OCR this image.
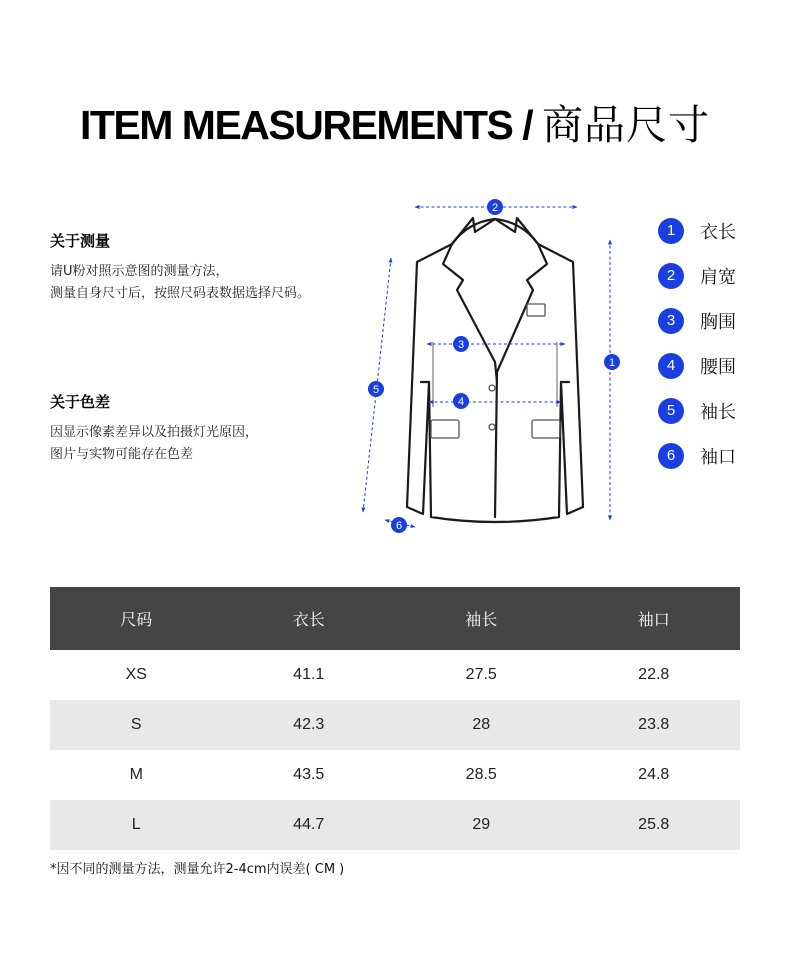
ITEM MEASUREMENTS / 商品尺寸

关于测量

请U粉对照示意图的测量方法，

测量自身尺寸后，按照尺码表数据选择尺码。

关于色差

因显示像素差异以及拍摄灯光原因，

图片与实物可能存在色差

2
1
5
3
4
6
1	衣长
2	肩宽
3	胸围
4	腰围
5	袖长
6	袖口
尺码	衣长	袖长	袖口
XS	41.1	27.5	22.8
S	42.3	28	23.8
M	43.5	28.5	24.8
L	44.7	29	25.8
*因不同的测量方法，测量允许2-4cm内误差( CM )
